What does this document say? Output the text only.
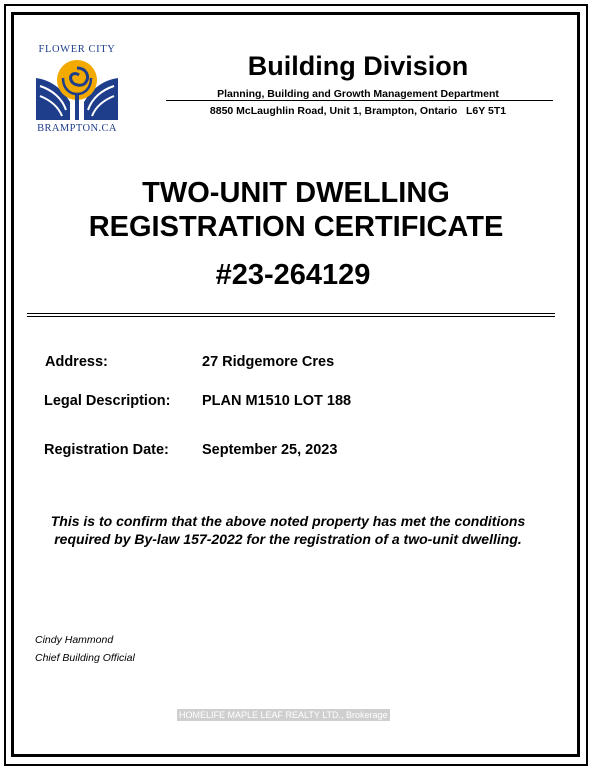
FLOWER CITY
BRAMPTON.CA
Building Division
Planning, Building and Growth Management Department
8850 McLaughlin Road, Unit 1, Brampton, Ontario   L6Y 5T1
TWO-UNIT DWELLING
REGISTRATION CERTIFICATE
#23-264129
Address:	27 Ridgemore Cres
Legal Description: PLAN M1510 LOT 188
Registration Date: September 25, 2023
This is to confirm that the above noted property has met the conditions
required by By-law 157-2022 for the registration of a two-unit dwelling.
Cindy Hammond
Chief Building Official
HOMELIFE MAPLE LEAF REALTY LTD., Brokerage
